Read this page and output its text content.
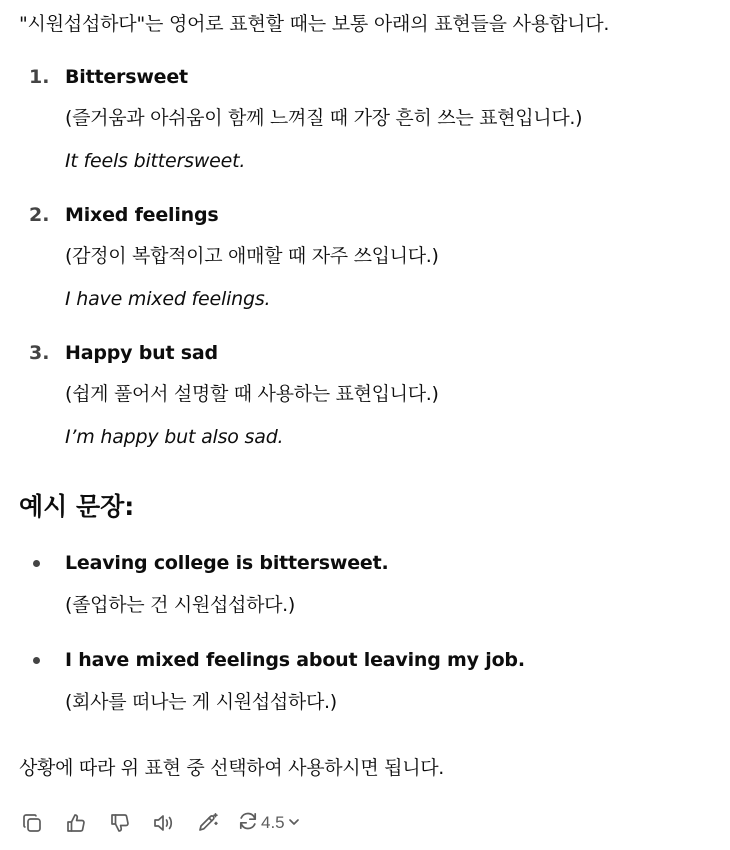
"시원섭섭하다"는 영어로 표현할 때는 보통 아래의 표현들을 사용합니다.
1. Bittersweet
(즐거움과 아쉬움이 함께 느껴질 때 가장 흔히 쓰는 표현입니다.)
It feels bittersweet.
2. Mixed feelings
(감정이 복합적이고 애매할 때 자주 쓰입니다.)
I have mixed feelings.
3. Happy but sad
(쉽게 풀어서 설명할 때 사용하는 표현입니다.)
I’m happy but also sad.
예시 문장:
Leaving college is bittersweet.
(졸업하는 건 시원섭섭하다.)
I have mixed feelings about leaving my job.
(회사를 떠나는 게 시원섭섭하다.)
상황에 따라 위 표현 중 선택하여 사용하시면 됩니다.
4.5
